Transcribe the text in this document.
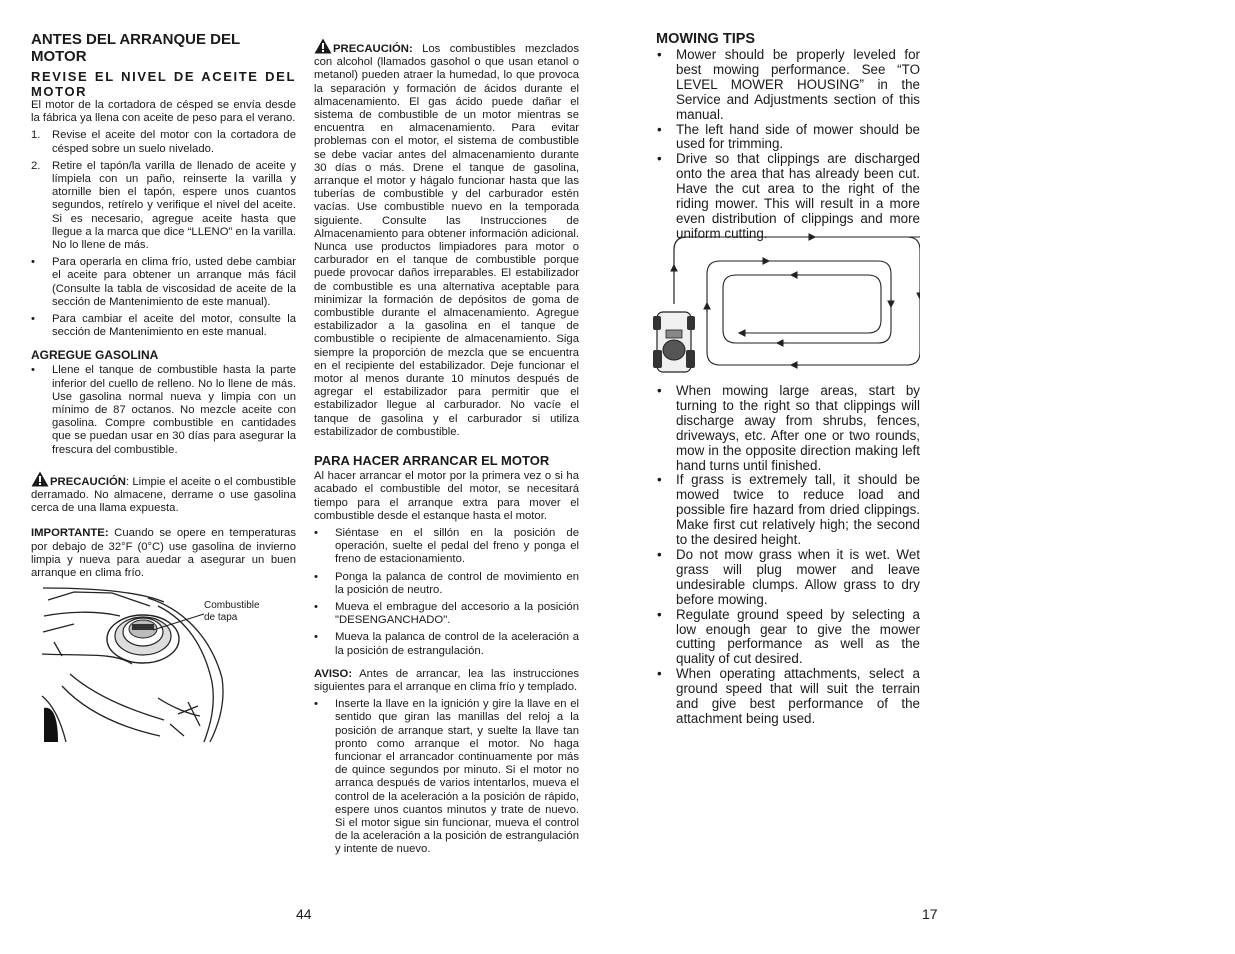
ANTES DEL ARRANQUE DEL MOTOR
REVISE EL NIVEL DE ACEITE DEL MOTOR

El motor de la cortadora de césped se envía desde la fábrica ya llena con aceite de peso para el verano.

1. Revise el aceite del motor con la cortadora de césped sobre un suelo nivelado.
2. Retire el tapón/la varilla de llenado de aceite y límpiela con un paño, reinserte la varilla y atornille bien el tapón, espere unos cuantos segundos, retírelo y verifique el nivel del aceite. Si es necesario, agregue aceite hasta que llegue a la marca que dice “LLENO” en la varilla. No lo llene de más.
• Para operarla en clima frío, usted debe cambiar el aceite para obtener un arranque más fácil (Consulte la tabla de viscosidad de aceite de la sección de Mantenimiento de este manual).
• Para cambiar el aceite del motor, consulte la sección de Mantenimiento en este manual.
AGREGUE GASOLINA
• Llene el tanque de combustible hasta la parte inferior del cuello de relleno. No lo llene de más. Use gasolina normal nueva y limpia con un mínimo de 87 octanos. No mezcle aceite con gasolina. Compre combustible en cantidades que se puedan usar en 30 días para asegurar la frescura del combustible.

PRECAUCIÓN: Limpie el aceite o el combustible derramado. No almacene, derrame o use gasolina cerca de una llama expuesta.

IMPORTANTE: Cuando se opere en temperaturas por debajo de 32°F (0°C) use gasolina de invierno limpia y nueva para auedar a asegurar un buen arranque en clima frío.

Combustible
de tapa

PRECAUCIÓN: Los combustibles mezclados con alcohol (llamados gasohol o que usan etanol o metanol) pueden atraer la humedad, lo que provoca la separación y formación de ácidos durante el almacenamiento. El gas ácido puede dañar el sistema de combustible de un motor mientras se encuentra en almacenamiento. Para evitar problemas con el motor, el sistema de combustible se debe vaciar antes del almacenamiento durante 30 días o más. Drene el tanque de gasolina, arranque el motor y hágalo funcionar hasta que las tuberías de combustible y del carburador estén vacías. Use combustible nuevo en la temporada siguiente. Consulte las Instrucciones de Almacenamiento para obtener información adicional. Nunca use productos limpiadores para motor o carburador en el tanque de combustible porque puede provocar daños irreparables. El estabilizador de combustible es una alternativa aceptable para minimizar la formación de depósitos de goma de combustible durante el almacenamiento. Agregue estabilizador a la gasolina en el tanque de combustible o recipiente de almacenamiento. Siga siempre la proporción de mezcla que se encuentra en el recipiente del estabilizador. Deje funcionar el motor al menos durante 10 minutos después de agregar el estabilizador para permitir que el estabilizador llegue al carburador. No vacíe el tanque de gasolina y el carburador si utiliza estabilizador de combustible.

PARA HACER ARRANCAR EL MOTOR

Al hacer arrancar el motor por la primera vez o si ha acabado el combustible del motor, se necesitará tiempo para el arranque extra para mover el combustible desde el estanque hasta el motor.

• Siéntase en el sillón en la posición de operación, suelte el pedal del freno y ponga el freno de estacionamiento.
• Ponga la palanca de control de movimiento en la posición de neutro.
• Mueva el embrague del accesorio a la posición "DESENGANCHADO".
• Mueva la palanca de control de la aceleración a la posición de estrangulación.

AVISO: Antes de arrancar, lea las instrucciones siguientes para el arranque en clima frío y templado.

• Inserte la llave en la ignición y gire la llave en el sentido que giran las manillas del reloj a la posición de arranque start, y suelte la llave tan pronto como arranque el motor. No haga funcionar el arrancador continuamente por más de quince segundos por minuto. Si el motor no arranca después de varios intentarlos, mueva el control de la aceleración a la posición de rápido, espere unos cuantos minutos y trate de nuevo. Si el motor sigue sin funcionar, mueva el control de la aceleración a la posición de estrangulación y intente de nuevo.
MOWING TIPS
• Mower should be properly leveled for best mowing performance. See “TO LEVEL MOWER HOUSING” in the Service and Adjustments section of this manual.
• The left hand side of mower should be used for trimming.
• Drive so that clippings are discharged onto the area that has already been cut. Have the cut area to the right of the riding mower. This will result in a more even distribution of clippings and more uniform cutting.
• When mowing large areas, start by turning to the right so that clippings will discharge away from shrubs, fences, driveways, etc. After one or two rounds, mow in the opposite direction making left hand turns until finished.
• If grass is extremely tall, it should be mowed twice to reduce load and possible fire hazard from dried clippings. Make first cut relatively high; the second to the desired height.
• Do not mow grass when it is wet. Wet grass will plug mower and leave undesirable clumps. Allow grass to dry before mowing.
• Regulate ground speed by selecting a low enough gear to give the mower cutting performance as well as the quality of cut desired.
• When operating attachments, select a ground speed that will suit the terrain and give best performance of the attachment being used.
44	17
